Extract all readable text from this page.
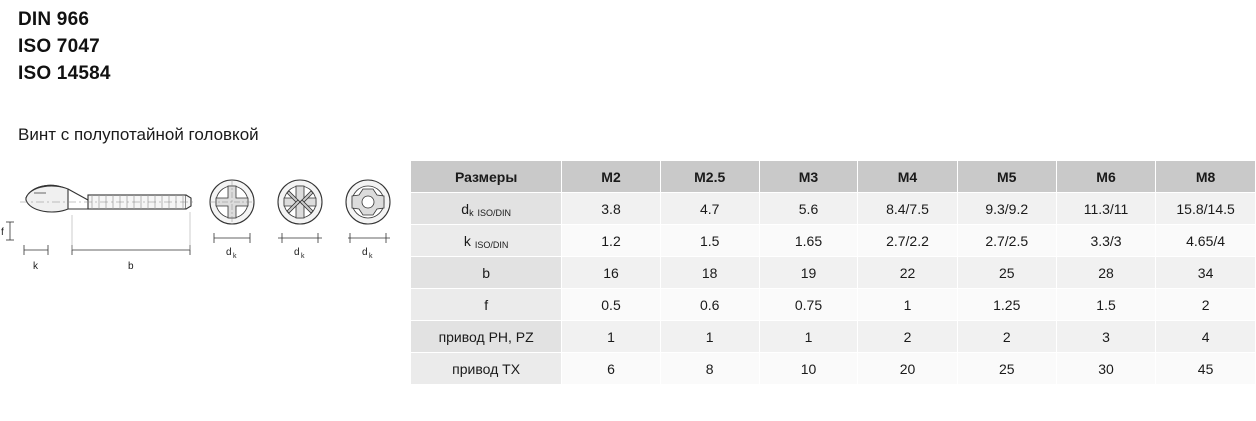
DIN 966
ISO 7047
ISO 14584
Винт с полупотайной головкой
f
k	b
d k	d k	d k
Размеры	M2	M2.5	M3	M4	M5	M6	M8
dk ISO/DIN	3.8	4.7	5.6	8.4/7.5	9.3/9.2	11.3/11	15.8/14.5
k ISO/DIN	1.2	1.5	1.65	2.7/2.2	2.7/2.5	3.3/3	4.65/4
b	16	18	19	22	25	28	34
f	0.5	0.6	0.75	1	1.25	1.5	2
привод PH, PZ	1	1	1	2	2	3	4
привод TX	6	8	10	20	25	30	45
